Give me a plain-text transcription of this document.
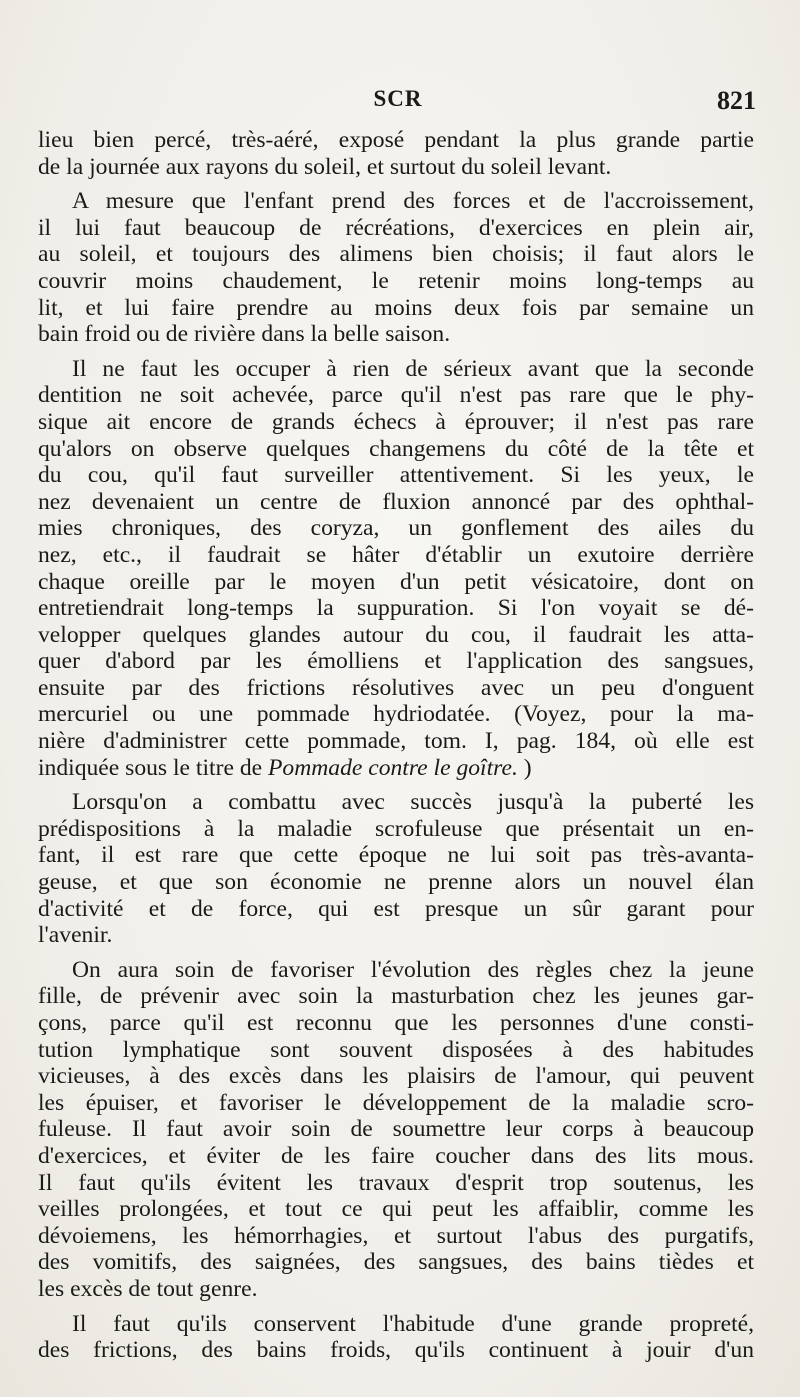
SCR	821
lieu bien percé, très-aéré, exposé pendant la plus grande partie
de la journée aux rayons du soleil, et surtout du soleil levant.
A mesure que l'enfant prend des forces et de l'accroissement,
il lui faut beaucoup de récréations, d'exercices en plein air,
au soleil, et toujours des alimens bien choisis; il faut alors le
couvrir moins chaudement, le retenir moins long-temps au
lit, et lui faire prendre au moins deux fois par semaine un
bain froid ou de rivière dans la belle saison.
Il ne faut les occuper à rien de sérieux avant que la seconde
dentition ne soit achevée, parce qu'il n'est pas rare que le phy-
sique ait encore de grands échecs à éprouver; il n'est pas rare
qu'alors on observe quelques changemens du côté de la tête et
du cou, qu'il faut surveiller attentivement. Si les yeux, le
nez devenaient un centre de fluxion annoncé par des ophthal-
mies chroniques, des coryza, un gonflement des ailes du
nez, etc., il faudrait se hâter d'établir un exutoire derrière
chaque oreille par le moyen d'un petit vésicatoire, dont on
entretiendrait long-temps la suppuration. Si l'on voyait se dé-
velopper quelques glandes autour du cou, il faudrait les atta-
quer d'abord par les émolliens et l'application des sangsues,
ensuite par des frictions résolutives avec un peu d'onguent
mercuriel ou une pommade hydriodatée. (Voyez, pour la ma-
nière d'administrer cette pommade, tom. I, pag. 184, où elle est
indiquée sous le titre de Pommade contre le goître. )
Lorsqu'on a combattu avec succès jusqu'à la puberté les
prédispositions à la maladie scrofuleuse que présentait un en-
fant, il est rare que cette époque ne lui soit pas très-avanta-
geuse, et que son économie ne prenne alors un nouvel élan
d'activité et de force, qui est presque un sûr garant pour
l'avenir.
On aura soin de favoriser l'évolution des règles chez la jeune
fille, de prévenir avec soin la masturbation chez les jeunes gar-
çons, parce qu'il est reconnu que les personnes d'une consti-
tution lymphatique sont souvent disposées à des habitudes
vicieuses, à des excès dans les plaisirs de l'amour, qui peuvent
les épuiser, et favoriser le développement de la maladie scro-
fuleuse. Il faut avoir soin de soumettre leur corps à beaucoup
d'exercices, et éviter de les faire coucher dans des lits mous.
Il faut qu'ils évitent les travaux d'esprit trop soutenus, les
veilles prolongées, et tout ce qui peut les affaiblir, comme les
dévoiemens, les hémorrhagies, et surtout l'abus des purgatifs,
des vomitifs, des saignées, des sangsues, des bains tièdes et
les excès de tout genre.
Il faut qu'ils conservent l'habitude d'une grande propreté,
des frictions, des bains froids, qu'ils continuent à jouir d'un
